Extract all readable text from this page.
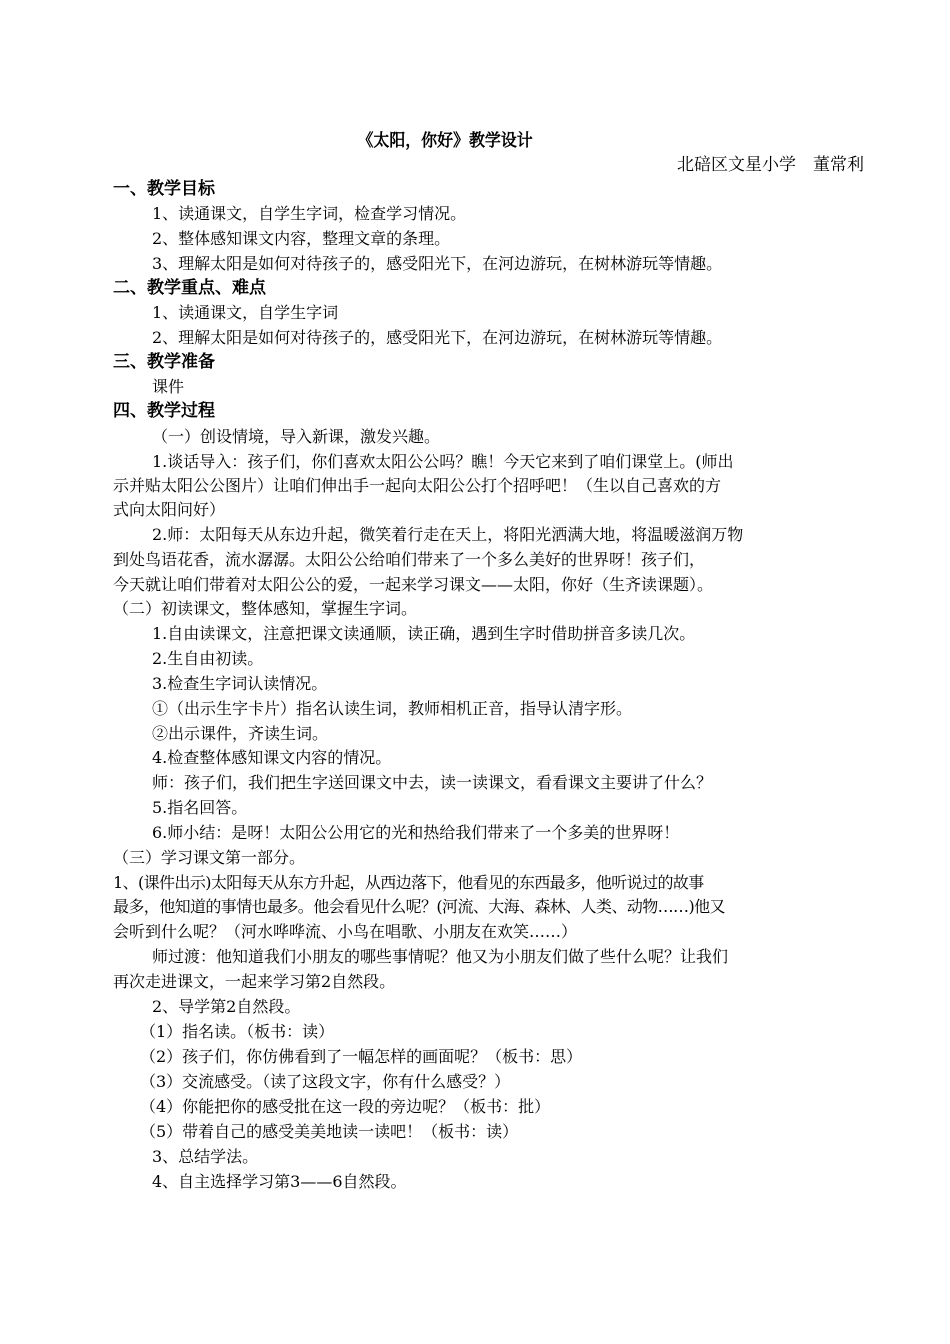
《太阳，你好》教学设计
北碚区文星小学　董常利
一、教学目标
1、读通课文，自学生字词，检查学习情况。
2、整体感知课文内容，整理文章的条理。
3、理解太阳是如何对待孩子的，感受阳光下，在河边游玩，在树林游玩等情趣。
二、教学重点、难点
1、读通课文，自学生字词
2、理解太阳是如何对待孩子的，感受阳光下，在河边游玩，在树林游玩等情趣。
三、教学准备
课件
四、教学过程
（一）创设情境，导入新课，激发兴趣。
1.谈话导入：孩子们，你们喜欢太阳公公吗？瞧！今天它来到了咱们课堂上。(师出
示并贴太阳公公图片）让咱们伸出手一起向太阳公公打个招呼吧！（生以自己喜欢的方
式向太阳问好）
2.师：太阳每天从东边升起，微笑着行走在天上，将阳光洒满大地，将温暖滋润万物
到处鸟语花香，流水潺潺。太阳公公给咱们带来了一个多么美好的世界呀！孩子们，
今天就让咱们带着对太阳公公的爱，一起来学习课文——太阳，你好（生齐读课题）。
（二）初读课文，整体感知，掌握生字词。
1.自由读课文，注意把课文读通顺，读正确，遇到生字时借助拼音多读几次。
2.生自由初读。
3.检查生字词认读情况。
①（出示生字卡片）指名认读生词，教师相机正音，指导认清字形。
②出示课件，齐读生词。
4.检查整体感知课文内容的情况。
师：孩子们，我们把生字送回课文中去，读一读课文，看看课文主要讲了什么？
5.指名回答。
6.师小结：是呀！太阳公公用它的光和热给我们带来了一个多美的世界呀！
（三）学习课文第一部分。
1、(课件出示)太阳每天从东方升起，从西边落下，他看见的东西最多，他听说过的故事
最多，他知道的事情也最多。他会看见什么呢？(河流、大海、森林、人类、动物……)他又
会听到什么呢？（河水哗哗流、小鸟在唱歌、小朋友在欢笑……）
师过渡：他知道我们小朋友的哪些事情呢？他又为小朋友们做了些什么呢？让我们
再次走进课文，一起来学习第2自然段。
2、导学第2自然段。
（1）指名读。（板书：读）
（2）孩子们，你仿佛看到了一幅怎样的画面呢？（板书：思）
（3）交流感受。（读了这段文字，你有什么感受？）
（4）你能把你的感受批在这一段的旁边呢？（板书：批）
（5）带着自己的感受美美地读一读吧！（板书：读）
3、总结学法。
4、自主选择学习第3——6自然段。
